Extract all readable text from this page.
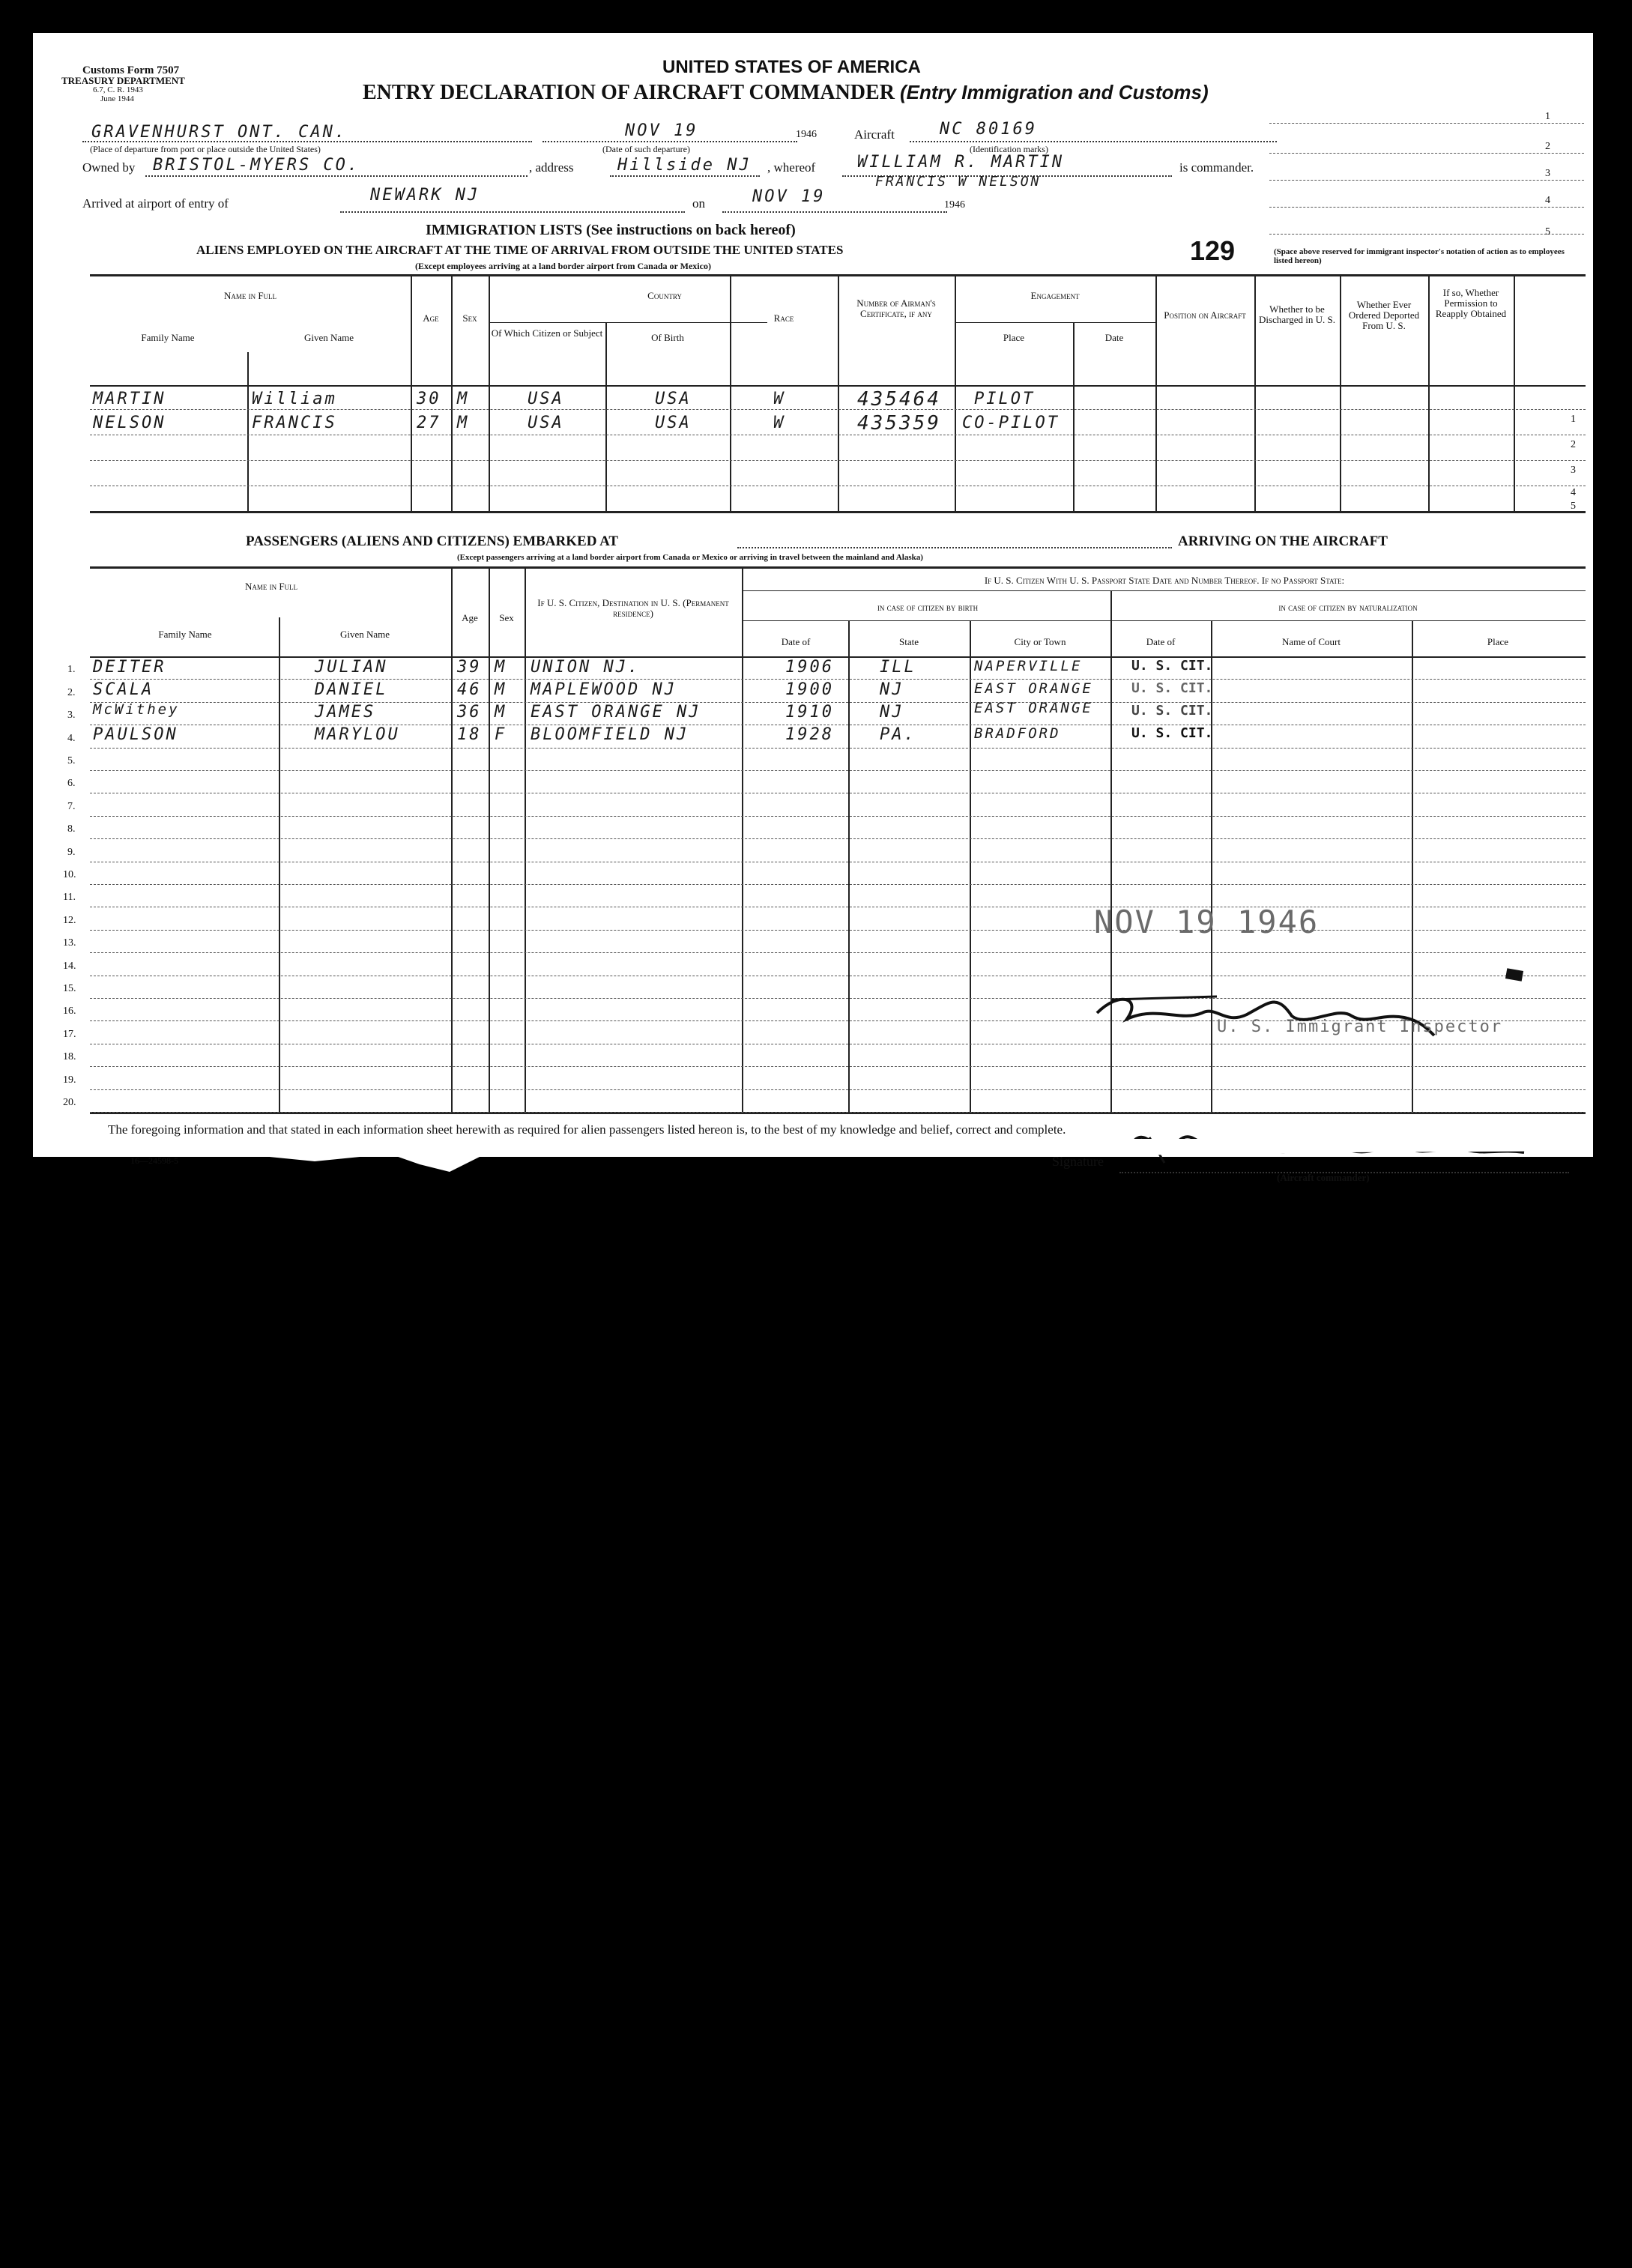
Customs Form 7507
TREASURY DEPARTMENT
6.7, C. R. 1943
June 1944
UNITED STATES OF AMERICA
ENTRY DECLARATION OF AIRCRAFT COMMANDER (Entry Immigration and Customs)
1
2
3
4
5
GRAVENHURST ONT. CAN.
(Place of departure from port or place outside the United States)
NOV 19	1946
(Date of such departure)
Aircraft	NC 80169
(Identification marks)
Owned by BRISTOL-MYERS CO.	, address	Hillside NJ , whereof	WILLIAM R. MARTIN
FRANCIS W NELSON
is commander.
Arrived at airport of entry of	NEWARK NJ	on	NOV 19	1946
IMMIGRATION LISTS (See instructions on back hereof)
ALIENS EMPLOYED ON THE AIRCRAFT AT THE TIME OF ARRIVAL FROM OUTSIDE THE UNITED STATES
(Except employees arriving at a land border airport from Canada or Mexico)	129	(Space above reserved for immigrant inspector's notation of action as to employees listed hereon)
Name in Full
Family Name	Given Name
Age	Sex
Country
Of Which Citizen or Subject	Of Birth
Race
Number of Airman's Certificate, if any
Engagement
Place	Date
Position on Aircraft
Whether to be Discharged in U. S.
Whether Ever Ordered Deported From U. S.
If so, Whether Permission to Reapply Obtained
MARTIN	William	30 M	USA	USA	W	435464 PILOT
NELSON	FRANCIS	27 M	USA	USA	W	435359 CO-PILOT	1
2
3
4
5
PASSENGERS (ALIENS AND CITIZENS) EMBARKED AT	ARRIVING ON THE AIRCRAFT
(Except passengers arriving at a land border airport from Canada or Mexico or arriving in travel between the mainland and Alaska)
Name in Full
Family Name	Given Name
Age	Sex
If U. S. Citizen, Destination in U. S. (Permanent residence)
If U. S. Citizen With U. S. Passport State Date and Number Thereof. If no Passport State:
in case of citizen by birth	in case of citizen by naturalization
Date of	State	City or Town	Date of	Name of Court	Place
1.
2.
3.
4.
5.
6.
7.
8.
9.
10.
11.
12.
13.
14.
15.
16.
17.
18.
19.
20.
DEITER	JULIAN	39 M UNION NJ.	1906	ILL	NAPERVILLE	U. S. CIT.
SCALA	DANIEL	46 M MAPLEWOOD NJ	1900	NJ	EAST ORANGE	U. S. CIT.
McWithey	JAMES	36 M EAST ORANGE NJ	1910	NJ	EAST ORANGE	U. S. CIT.
PAULSON	MARYLOU	18 F BLOOMFIELD NJ	1928	PA.	BRADFORD	U. S. CIT.
NOV 19 1946
U. S. Immigrant Inspector
The foregoing information and that stated in each information sheet herewith as required for alien passengers listed hereon is, to the best of my knowledge and belief, correct and complete.
16—24598-5	Signature
(Aircraft commander)
